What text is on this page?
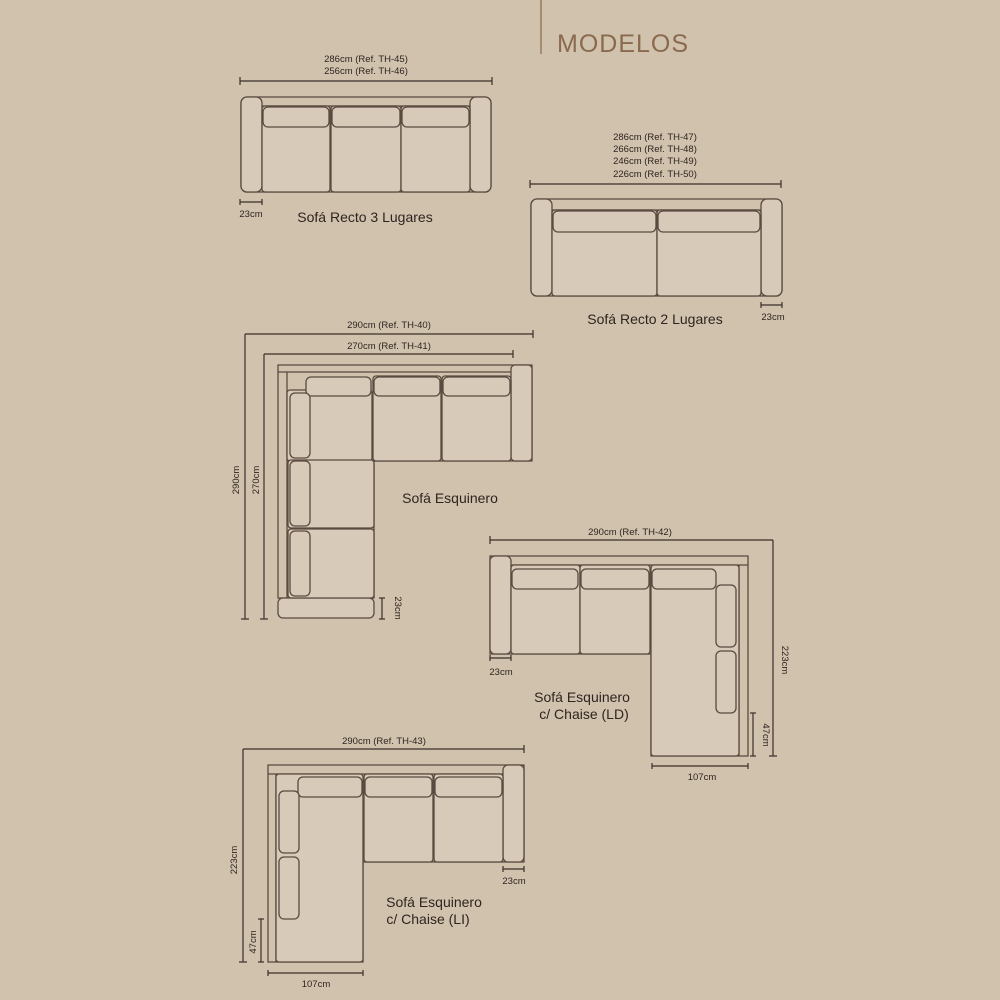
MODELOS
286cm (Ref. TH-45)
256cm (Ref. TH-46)
23cm Sofá Recto 3 Lugares
286cm (Ref. TH-47)
266cm (Ref. TH-48)
246cm (Ref. TH-49)
226cm (Ref. TH-50)
23cm
Sofá Recto 2 Lugares
290cm (Ref. TH-40)
290cm
270cm (Ref. TH-41)
270cm
23cm
Sofá Esquinero
290cm (Ref. TH-42)
223cm
23cm
47cm
107cm
Sofá Esquinero
c/ Chaise (LD)
290cm (Ref. TH-43)
223cm
23cm
47cm
107cm
Sofá Esquinero
c/ Chaise (LI)
